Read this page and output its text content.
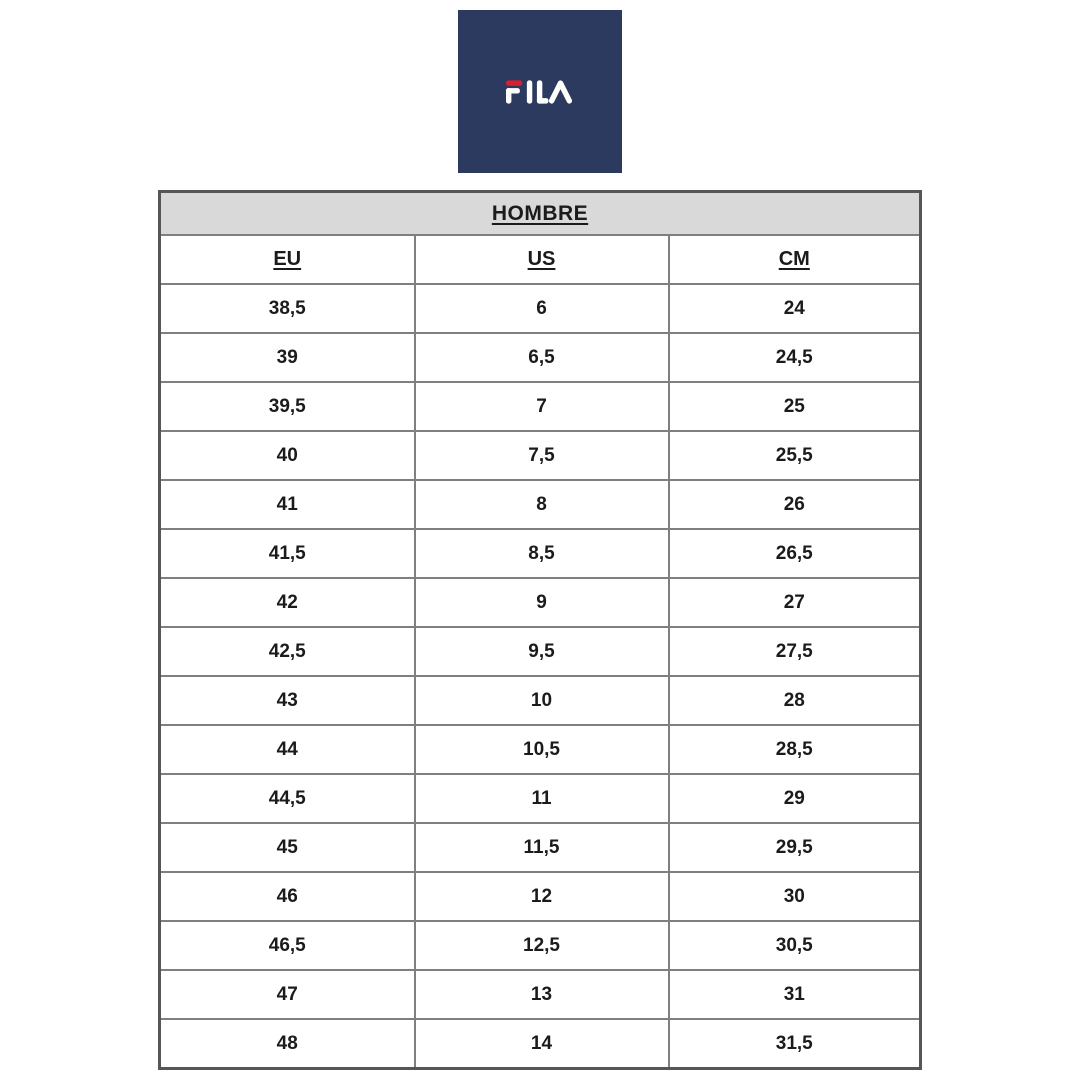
HOMBRE		
EU	US	CM
38,5	6	24
39	6,5	24,5
39,5	7	25
40	7,5	25,5
41	8	26
41,5	8,5	26,5
42	9	27
42,5	9,5	27,5
43	10	28
44	10,5	28,5
44,5	11	29
45	11,5	29,5
46	12	30
46,5	12,5	30,5
47	13	31
48	14	31,5
